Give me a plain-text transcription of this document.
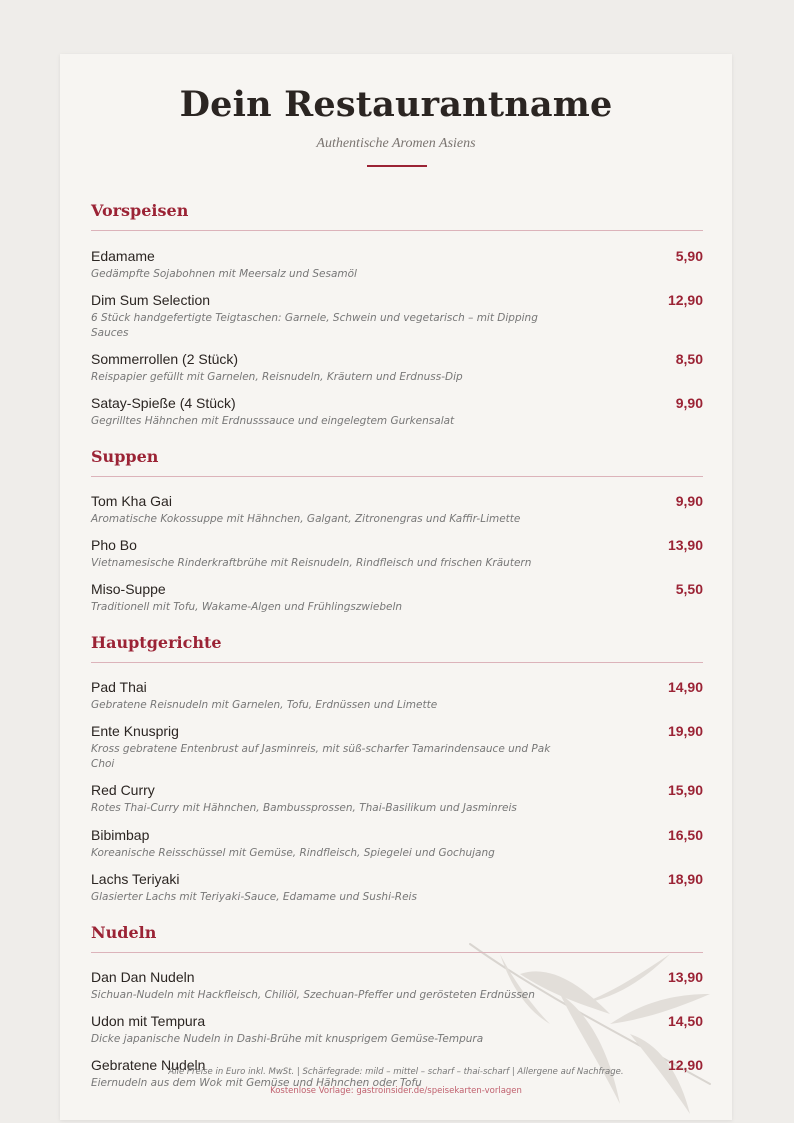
Dein Restaurantname
Authentische Aromen Asiens
Vorspeisen
Edamame	5,90
Gedämpfte Sojabohnen mit Meersalz und Sesamöl
Dim Sum Selection	12,90
6 Stück handgefertigte Teigtaschen: Garnele, Schwein und vegetarisch – mit Dipping Sauces
Sommerrollen (2 Stück)	8,50
Reispapier gefüllt mit Garnelen, Reisnudeln, Kräutern und Erdnuss-Dip
Satay-Spieße (4 Stück)	9,90
Gegrilltes Hähnchen mit Erdnusssauce und eingelegtem Gurkensalat
Suppen
Tom Kha Gai	9,90
Aromatische Kokossuppe mit Hähnchen, Galgant, Zitronengras und Kaffir-Limette
Pho Bo	13,90
Vietnamesische Rinderkraftbrühe mit Reisnudeln, Rindfleisch und frischen Kräutern
Miso-Suppe	5,50
Traditionell mit Tofu, Wakame-Algen und Frühlingszwiebeln
Hauptgerichte
Pad Thai	14,90
Gebratene Reisnudeln mit Garnelen, Tofu, Erdnüssen und Limette
Ente Knusprig	19,90
Kross gebratene Entenbrust auf Jasminreis, mit süß-scharfer Tamarindensauce und Pak Choi
Red Curry	15,90
Rotes Thai-Curry mit Hähnchen, Bambussprossen, Thai-Basilikum und Jasminreis
Bibimbap	16,50
Koreanische Reisschüssel mit Gemüse, Rindfleisch, Spiegelei und Gochujang
Lachs Teriyaki	18,90
Glasierter Lachs mit Teriyaki-Sauce, Edamame und Sushi-Reis
Nudeln
Dan Dan Nudeln	13,90
Sichuan-Nudeln mit Hackfleisch, Chiliöl, Szechuan-Pfeffer und gerösteten Erdnüssen
Udon mit Tempura	14,50
Dicke japanische Nudeln in Dashi-Brühe mit knusprigem Gemüse-Tempura
Gebratene Nudeln	12,90
Eiernudeln aus dem Wok mit Gemüse und Hähnchen oder Tofu
Alle Preise in Euro inkl. MwSt. | Schärfegrade: mild – mittel – scharf – thai-scharf | Allergene auf Nachfrage.
Kostenlose Vorlage: gastroinsider.de/speisekarten-vorlagen
